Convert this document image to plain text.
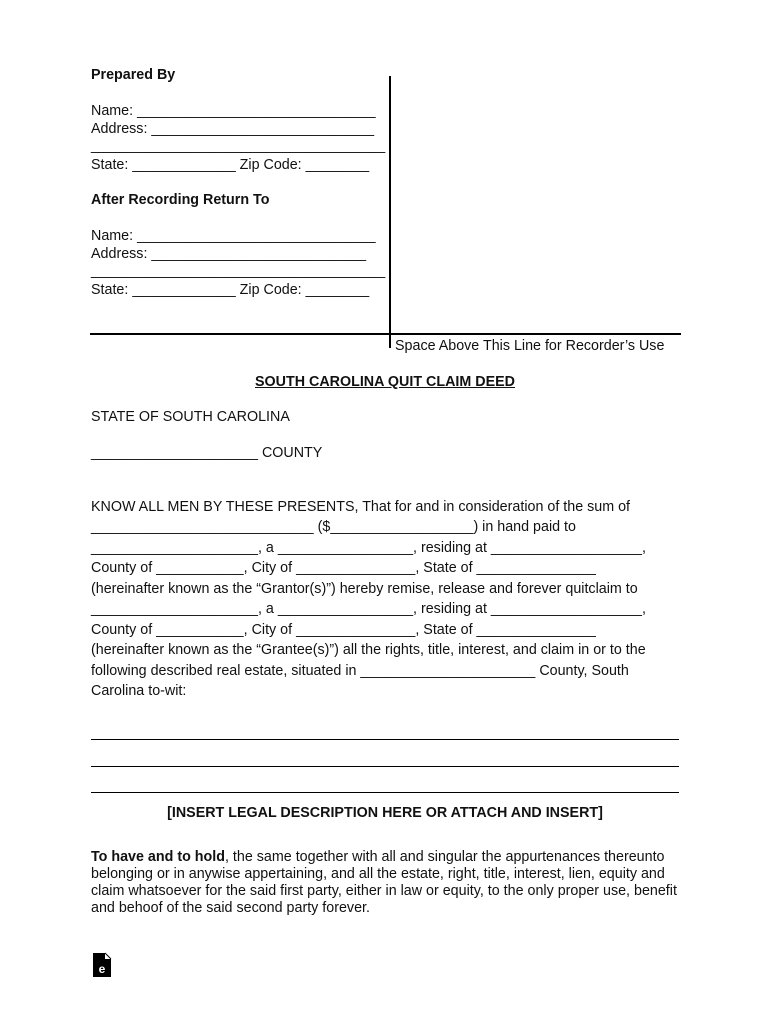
Prepared By
Name: ______________________________
Address: ____________________________
_____________________________________
State: _____________ Zip Code: ________
After Recording Return To
Name: ______________________________
Address: ___________________________
_____________________________________
State: _____________ Zip Code: ________
Space Above This Line for Recorder’s Use
SOUTH CAROLINA QUIT CLAIM DEED
STATE OF SOUTH CAROLINA
_____________________ COUNTY
KNOW ALL MEN BY THESE PRESENTS, That for and in consideration of the sum of
____________________________ ($__________________) in hand paid to
_____________________, a _________________, residing at ___________________,
County of ___________, City of _______________, State of _______________
(hereinafter known as the “Grantor(s)”) hereby remise, release and forever quitclaim to
_____________________, a _________________, residing at ___________________,
County of ___________, City of _______________, State of _______________
(hereinafter known as the “Grantee(s)”) all the rights, title, interest, and claim in or to the
following described real estate, situated in ______________________ County, South
Carolina to-wit:
[INSERT LEGAL DESCRIPTION HERE OR ATTACH AND INSERT]
To have and to hold, the same together with all and singular the appurtenances thereunto belonging or in anywise appertaining, and all the estate, right, title, interest, lien, equity and claim whatsoever for the said first party, either in law or equity, to the only proper use, benefit and behoof of the said second party forever.
e
